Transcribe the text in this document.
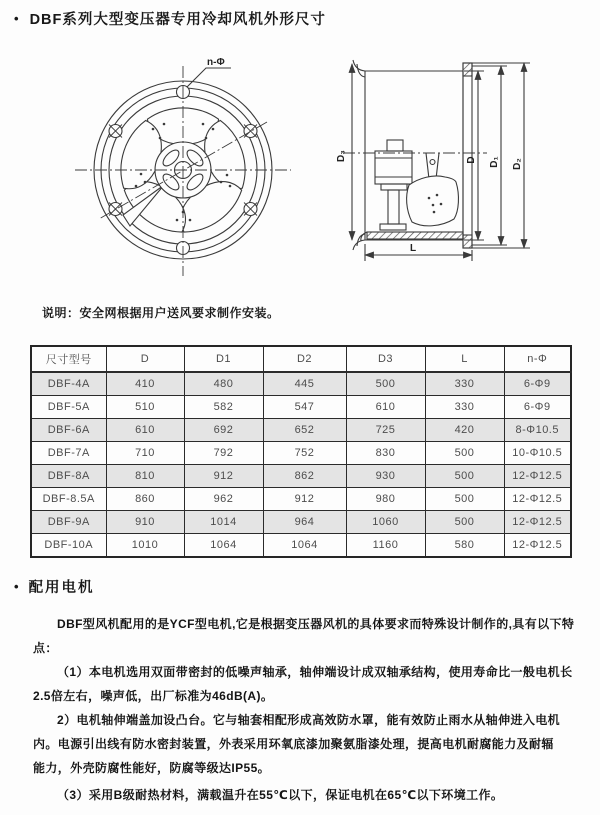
• DBF系列大型变压器专用冷却风机外形尺寸
n-Φ
D₃
L
D D₁ D₂
说明：安全网根据用户送风要求制作安装。
尺寸型号	D	D1	D2	D3	L	n-Φ
DBF-4A	410	480	445	500	330	6-Φ9
DBF-5A	510	582	547	610	330	6-Φ9
DBF-6A	610	692	652	725	420	8-Φ10.5
DBF-7A	710	792	752	830	500	10-Φ10.5
DBF-8A	810	912	862	930	500	12-Φ12.5
DBF-8.5A	860	962	912	980	500	12-Φ12.5
DBF-9A	910	1014	964	1060	500	12-Φ12.5
DBF-10A	1010	1064	1064	1160	580	12-Φ12.5
• 配用电机
DBF型风机配用的是YCF型电机,它是根据变压器风机的具体要求而特殊设计制作的,具有以下特
点：
（1）本电机选用双面带密封的低噪声轴承，轴伸端设计成双轴承结构，使用寿命比一般电机长
2.5倍左右，噪声低，出厂标准为46dB(A)。
2）电机轴伸端盖加设凸台。它与轴套相配形成高效防水罩，能有效防止雨水从轴伸进入电机
内。电源引出线有防水密封装置，外表采用环氧底漆加聚氨脂漆处理，提高电机耐腐能力及耐辐
能力，外壳防腐性能好，防腐等级达IP55。
（3）采用B级耐热材料，满载温升在55℃以下，保证电机在65℃以下环境工作。
